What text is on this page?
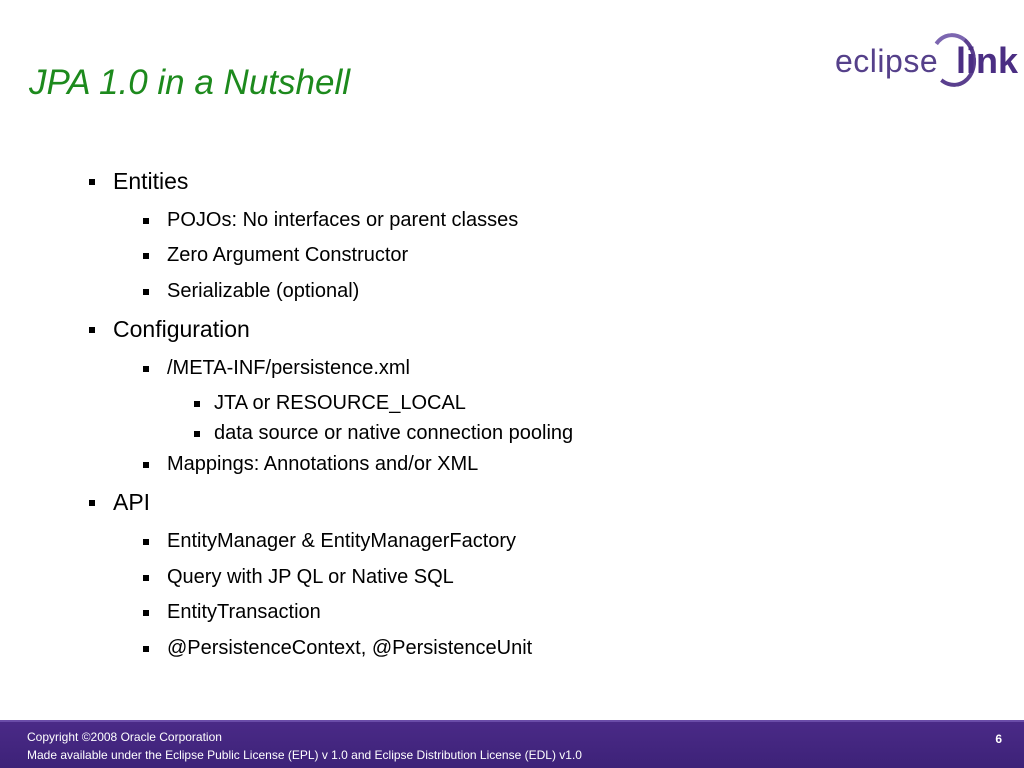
JPA 1.0 in a Nutshell
eclipse link
Entities
POJOs: No interfaces or parent classes
Zero Argument Constructor
Serializable (optional)
Configuration
/META-INF/persistence.xml
JTA or RESOURCE_LOCAL
data source or native connection pooling
Mappings: Annotations and/or XML
API
EntityManager & EntityManagerFactory
Query with JP QL or Native SQL
EntityTransaction
@PersistenceContext, @PersistenceUnit
Copyright ©2008 Oracle Corporation
Made available under the Eclipse Public License (EPL) v 1.0 and Eclipse Distribution License (EDL) v1.0
6
